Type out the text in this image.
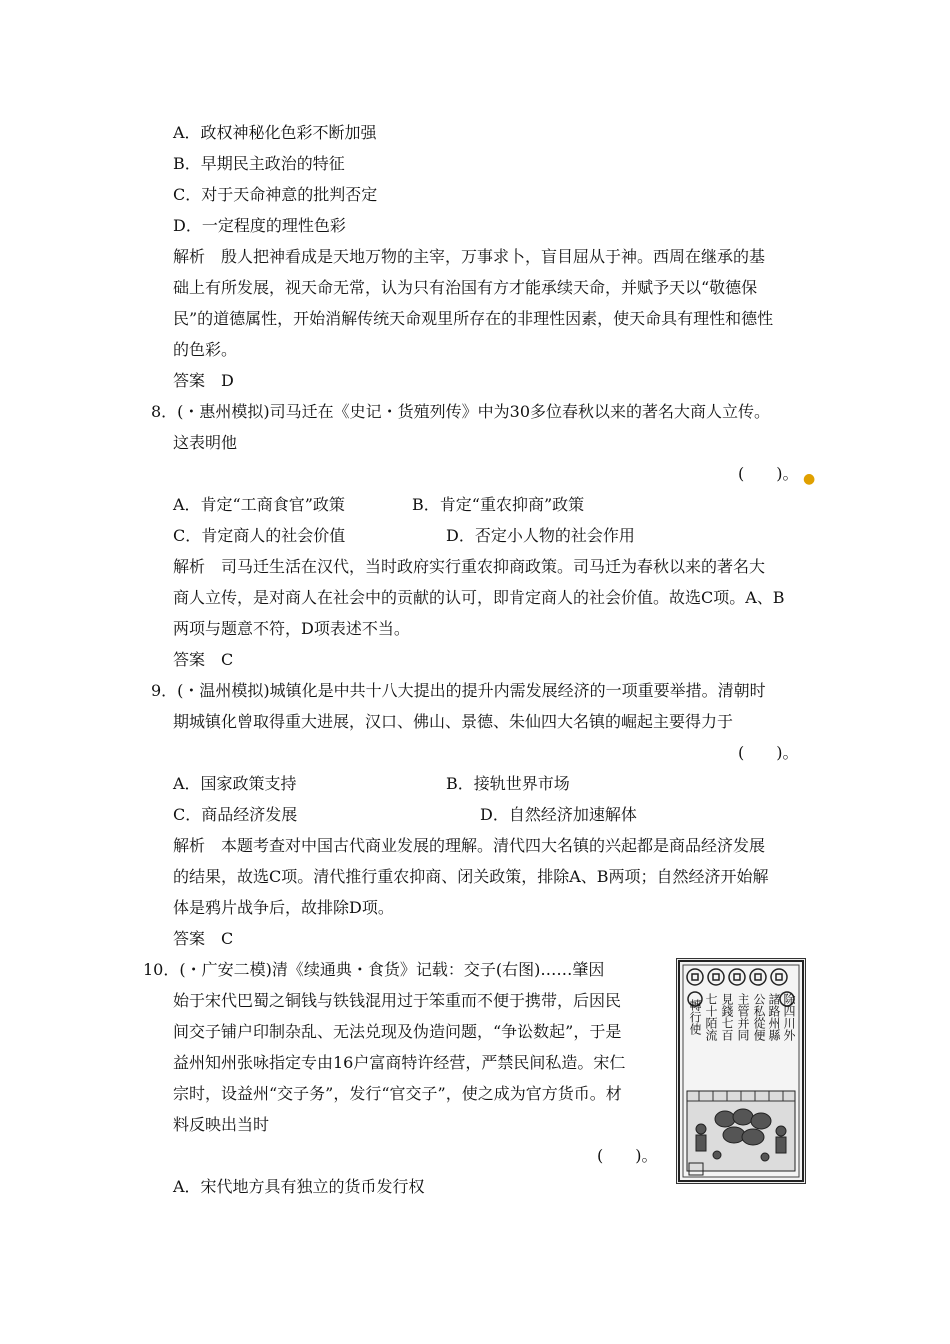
A．政权神秘化色彩不断加强
B．早期民主政治的特征
C．对于天命神意的批判否定
D．一定程度的理性色彩
解析　殷人把神看成是天地万物的主宰，万事求卜，盲目屈从于神。西周在继承的基
础上有所发展，视天命无常，认为只有治国有方才能承续天命，并赋予天以“敬德保
民”的道德属性，开始消解传统天命观里所存在的非理性因素，使天命具有理性和德性
的色彩。
答案　D
8．(・惠州模拟)司马迁在《史记・货殖列传》中为30多位春秋以来的著名大商人立传。
这表明他
(　　)。 ●
A．肯定“工商食官”政策	B．肯定“重农抑商”政策
C．肯定商人的社会价值	D．否定小人物的社会作用
解析　司马迁生活在汉代，当时政府实行重农抑商政策。司马迁为春秋以来的著名大
商人立传，是对商人在社会中的贡献的认可，即肯定商人的社会价值。故选C项。A、B
两项与题意不符，D项表述不当。
答案　C
9．(・温州模拟)城镇化是中共十八大提出的提升内需发展经济的一项重要举措。清朝时
期城镇化曾取得重大进展，汉口、佛山、景德、朱仙四大名镇的崛起主要得力于
(　　)。
A．国家政策支持	B．接轨世界市场
C．商品经济发展	D．自然经济加速解体
解析　本题考查对中国古代商业发展的理解。清代四大名镇的兴起都是商品经济发展
的结果，故选C项。清代推行重农抑商、闭关政策，排除A、B两项；自然经济开始解
体是鸦片战争后，故排除D项。
答案　C
10．(・广安二模)清《续通典・食货》记载：交子(右图)……肇因
始于宋代巴蜀之铜钱与铁钱混用过于笨重而不便于携带，后因民
间交子铺户印制杂乱、无法兑现及伪造问题，“争讼数起”，于是
益州知州张咏指定专由16户富商特许经营，严禁民间私造。宋仁
宗时，设益州“交子务”，发行“官交子”，使之成为官方货币。材
料反映出当时
(　　)。
A．宋代地方具有独立的货币发行权
除四川外
諸路州縣
公私從便
主管并同
見錢七百
七十陌流
轉行使
